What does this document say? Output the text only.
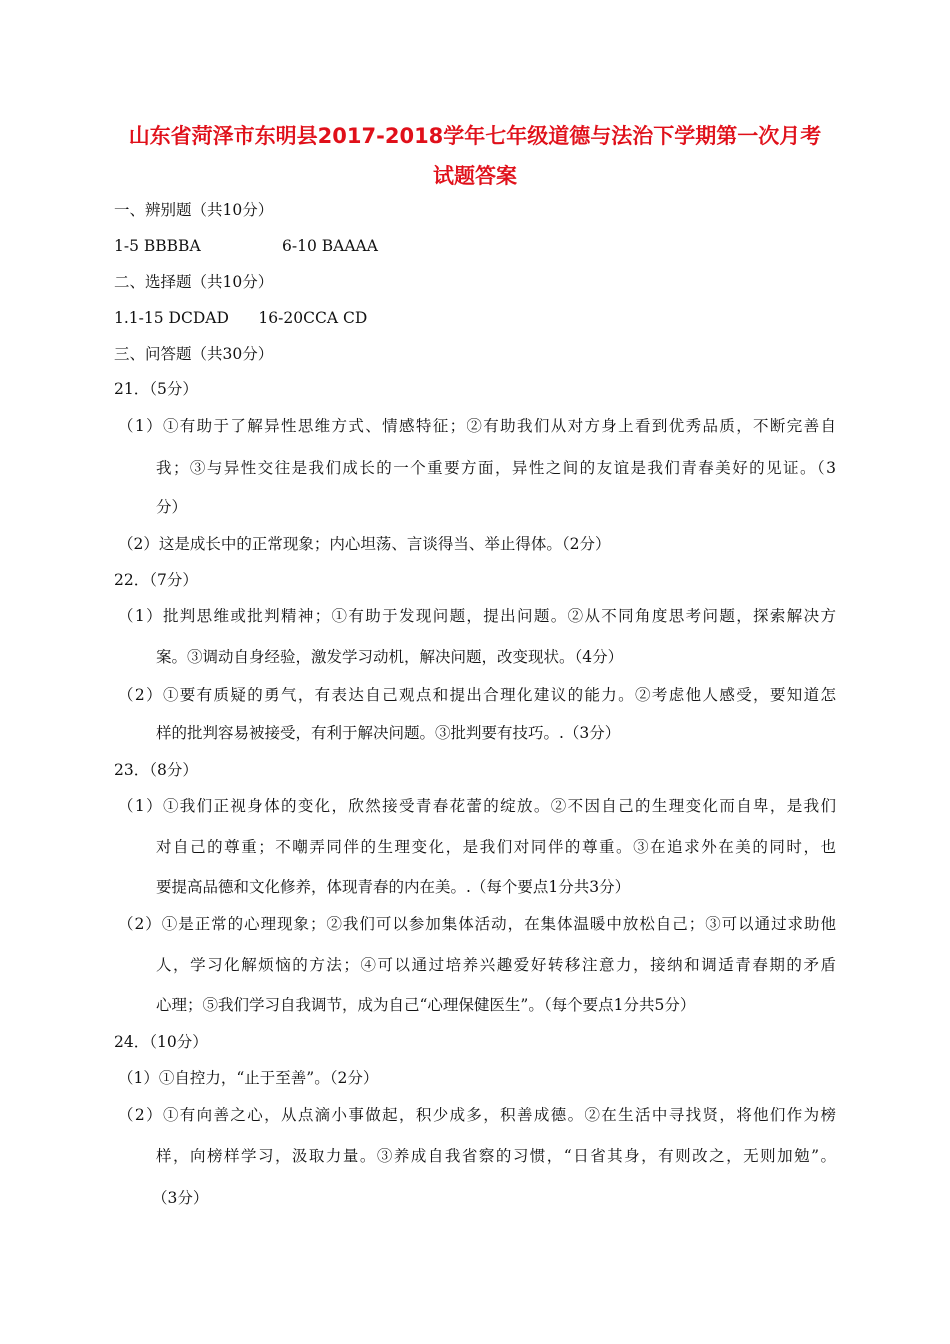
山东省菏泽市东明县2017-2018学年七年级道德与法治下学期第一次月考
试题答案

一、辨别题（共10分）

1-5 BBBBA	6-10 BAAAA

二、选择题（共10分）

1.1-15 DCDAD      16-20CCA CD

三、问答题（共30分）

21．（5分）

（1）①有助于了解异性思维方式、情感特征；②有助我们从对方身上看到优秀品质，不断完善自

我；③与异性交往是我们成长的一个重要方面，异性之间的友谊是我们青春美好的见证。（3

分）

（2）这是成长中的正常现象；内心坦荡、言谈得当、举止得体。（2分）

22．（7分）

（1）批判思维或批判精神；①有助于发现问题，提出问题。②从不同角度思考问题，探索解决方

案。③调动自身经验，激发学习动机，解决问题，改变现状。（4分）

（2）①要有质疑的勇气，有表达自己观点和提出合理化建议的能力。②考虑他人感受，要知道怎

样的批判容易被接受，有利于解决问题。③批判要有技巧。.（3分）

23．（8分）

（1）①我们正视身体的变化，欣然接受青春花蕾的绽放。②不因自己的生理变化而自卑，是我们

对自己的尊重；不嘲弄同伴的生理变化，是我们对同伴的尊重。③在追求外在美的同时，也

要提高品德和文化修养，体现青春的内在美。.（每个要点1分共3分）

（2）①是正常的心理现象；②我们可以参加集体活动，在集体温暖中放松自己；③可以通过求助他

人，学习化解烦恼的方法；④可以通过培养兴趣爱好转移注意力，接纳和调适青春期的矛盾

心理；⑤我们学习自我调节，成为自己“心理保健医生”。（每个要点1分共5分）

24．（10分）

（1）①自控力，“止于至善”。（2分）

（2）①有向善之心，从点滴小事做起，积少成多，积善成德。②在生活中寻找贤，将他们作为榜

样，向榜样学习，汲取力量。③养成自我省察的习惯，“日省其身，有则改之，无则加勉”。

（3分）
